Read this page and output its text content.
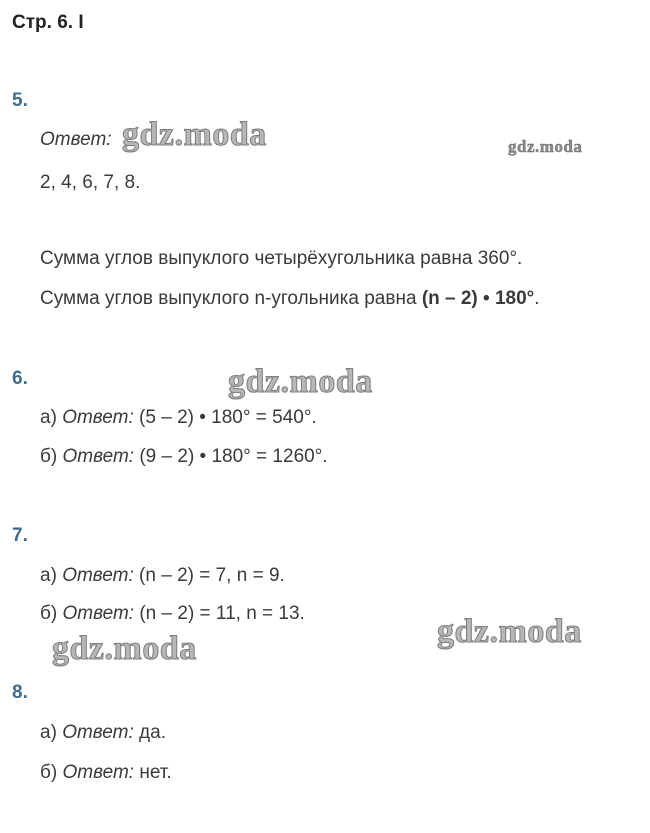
Стр. 6. I
5.
Ответ:
2, 4, 6, 7, 8.
Сумма углов выпуклого четырёхугольника равна 360°.
Сумма углов выпуклого n-угольника равна (n – 2) • 180°.
6.
а) Ответ: (5 – 2) • 180° = 540°.
б) Ответ: (9 – 2) • 180° = 1260°.
7.
а) Ответ: (n – 2) = 7, n = 9.
б) Ответ: (n – 2) = 11, n = 13.
8.
а) Ответ: да.
б) Ответ: нет.
gdz.moda	gdz.moda
gdz.moda
gdz.moda
gdz.moda
